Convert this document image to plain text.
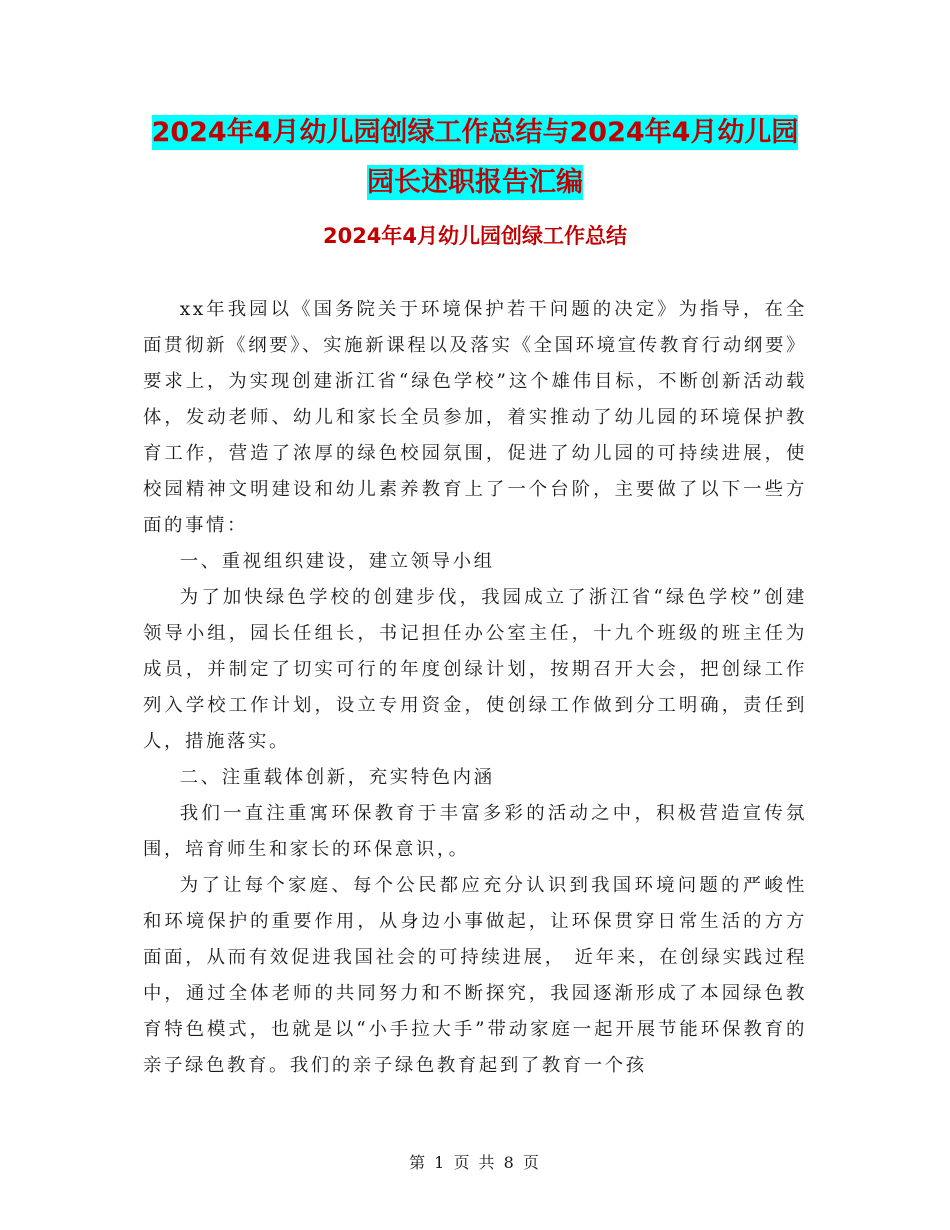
2024年4月幼儿园创绿工作总结与2024年4月幼儿园
园长述职报告汇编
2024年4月幼儿园创绿工作总结

xx年我园以《国务院关于环境保护若干问题的决定》为指导，在全面贯彻新《纲要》、实施新课程以及落实《全国环境宣传教育行动纲要》要求上，为实现创建浙江省“绿色学校”这个雄伟目标，不断创新活动载体，发动老师、幼儿和家长全员参加，着实推动了幼儿园的环境保护教育工作，营造了浓厚的绿色校园氛围，促进了幼儿园的可持续进展，使校园精神文明建设和幼儿素养教育上了一个台阶，主要做了以下一些方面的事情：

一、重视组织建设，建立领导小组

为了加快绿色学校的创建步伐，我园成立了浙江省“绿色学校”创建领导小组，园长任组长，书记担任办公室主任，十九个班级的班主任为成员，并制定了切实可行的年度创绿计划，按期召开大会，把创绿工作列入学校工作计划，设立专用资金，使创绿工作做到分工明确，责任到人，措施落实。

二、注重载体创新，充实特色内涵

我们一直注重寓环保教育于丰富多彩的活动之中，积极营造宣传氛围，培育师生和家长的环保意识，。

为了让每个家庭、每个公民都应充分认识到我国环境问题的严峻性和环境保护的重要作用，从身边小事做起，让环保贯穿日常生活的方方面面，从而有效促进我国社会的可持续进展， 近年来，在创绿实践过程中，通过全体老师的共同努力和不断探究，我园逐渐形成了本园绿色教育特色模式，也就是以“小手拉大手”带动家庭一起开展节能环保教育的亲子绿色教育。我们的亲子绿色教育起到了教育一个孩

第 1 页 共 8 页
